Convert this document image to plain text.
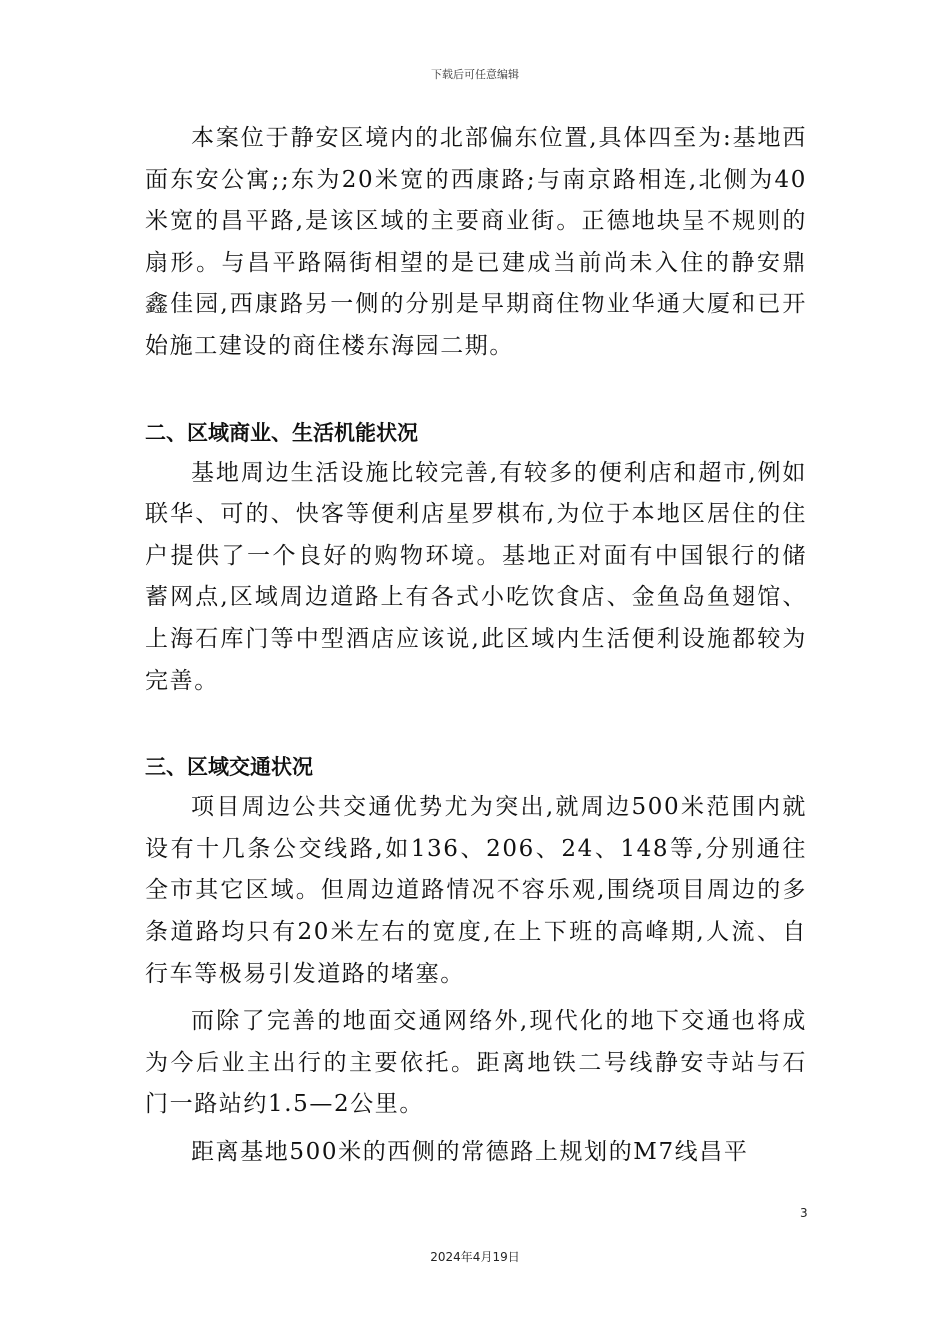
下载后可任意编辑

本案位于静安区境内的北部偏东位置,具体四至为:基地西面东安公寓;;东为20米宽的西康路;与南京路相连,北侧为40米宽的昌平路,是该区域的主要商业街。正德地块呈不规则的扇形。与昌平路隔街相望的是已建成当前尚未入住的静安鼎鑫佳园,西康路另一侧的分别是早期商住物业华通大厦和已开始施工建设的商住楼东海园二期。

二、区域商业、生活机能状况

基地周边生活设施比较完善,有较多的便利店和超市,例如联华、可的、快客等便利店星罗棋布,为位于本地区居住的住户提供了一个良好的购物环境。基地正对面有中国银行的储蓄网点,区域周边道路上有各式小吃饮食店、金鱼岛鱼翅馆、上海石库门等中型酒店应该说,此区域内生活便利设施都较为完善。

三、区域交通状况

项目周边公共交通优势尤为突出,就周边500米范围内就设有十几条公交线路,如136、206、24、148等,分别通往全市其它区域。但周边道路情况不容乐观,围绕项目周边的多条道路均只有20米左右的宽度,在上下班的高峰期,人流、自行车等极易引发道路的堵塞。

而除了完善的地面交通网络外,现代化的地下交通也将成为今后业主出行的主要依托。距离地铁二号线静安寺站与石门一路站约1.5—2公里。

距离基地500米的西侧的常德路上规划的M7线昌平

3
2024年4月19日
